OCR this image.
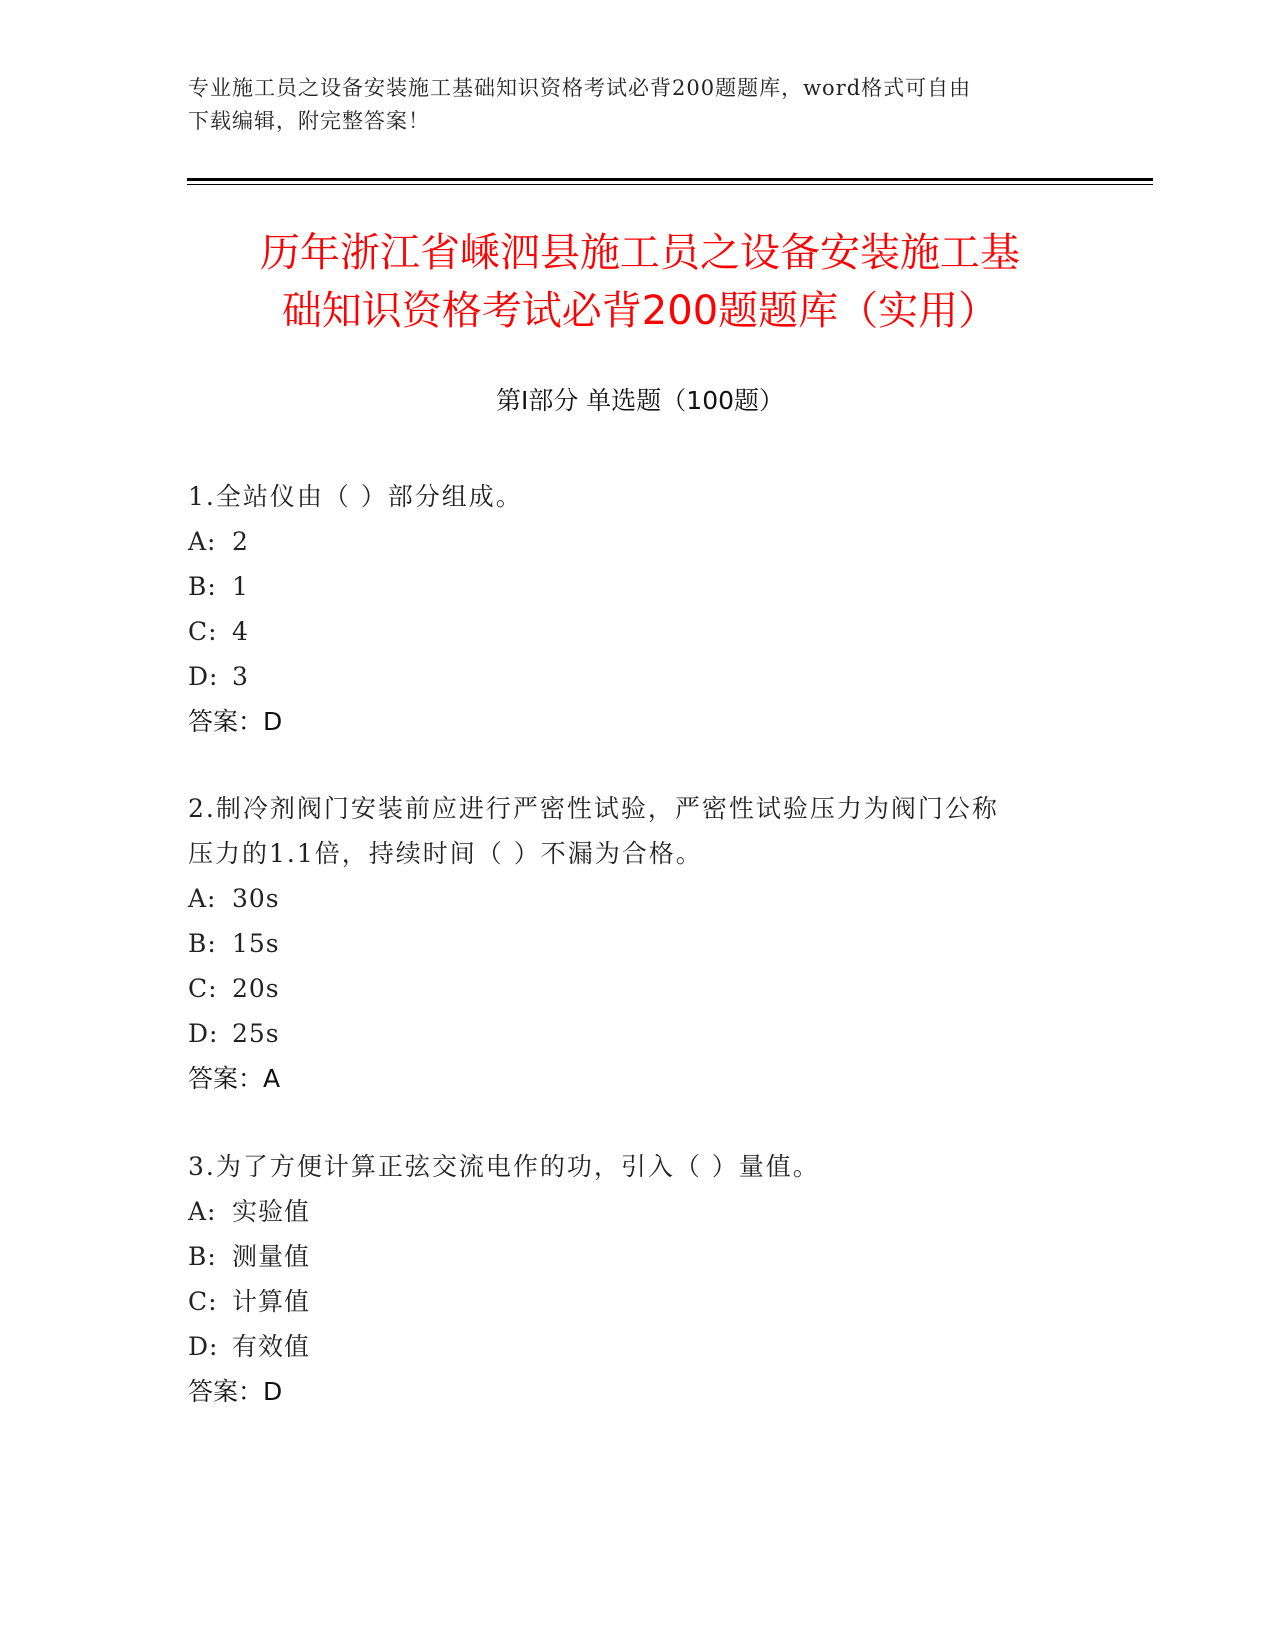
专业施工员之设备安装施工基础知识资格考试必背200题题库，word格式可自由
下载编辑，附完整答案！
历年浙江省嵊泗县施工员之设备安装施工基
础知识资格考试必背200题题库（实用）
第I部分 单选题（100题）
1.全站仪由（ ）部分组成。
A: 2
B: 1
C: 4
D: 3
答案：D
2.制冷剂阀门安装前应进行严密性试验，严密性试验压力为阀门公称
压力的1.1倍，持续时间（ ）不漏为合格。
A: 30s
B: 15s
C: 20s
D: 25s
答案：A
3.为了方便计算正弦交流电作的功，引入（ ）量值。
A: 实验值
B: 测量值
C: 计算值
D: 有效值
答案：D
